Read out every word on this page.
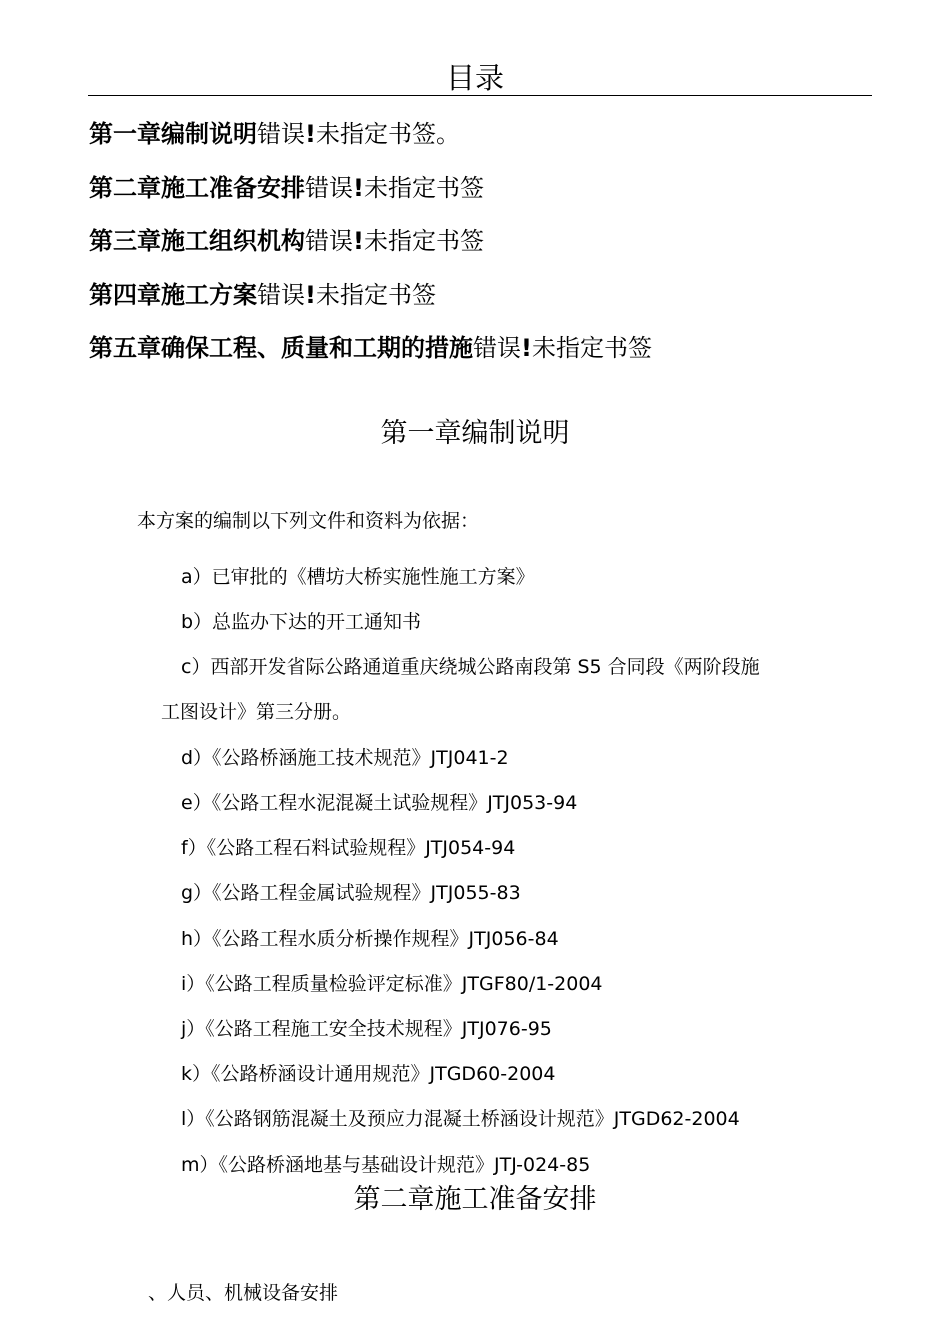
目录
第一章编制说明错误!未指定书签。
第二章施工准备安排错误!未指定书签
第三章施工组织机构错误!未指定书签
第四章施工方案错误!未指定书签
第五章确保工程、质量和工期的措施错误!未指定书签
第一章编制说明
本方案的编制以下列文件和资料为依据：
a）已审批的《槽坊大桥实施性施工方案》
b）总监办下达的开工通知书
c）西部开发省际公路通道重庆绕城公路南段第 S5 合同段《两阶段施
工图设计》第三分册。
d）《公路桥涵施工技术规范》JTJ041-2
e）《公路工程水泥混凝土试验规程》JTJ053-94
f）《公路工程石料试验规程》JTJ054-94
g）《公路工程金属试验规程》JTJ055-83
h）《公路工程水质分析操作规程》JTJ056-84
i）《公路工程质量检验评定标准》JTGF80/1-2004
j）《公路工程施工安全技术规程》JTJ076-95
k）《公路桥涵设计通用规范》JTGD60-2004
l）《公路钢筋混凝土及预应力混凝土桥涵设计规范》JTGD62-2004
m）《公路桥涵地基与基础设计规范》JTJ-024-85
第二章施工准备安排
、人员、机械设备安排
